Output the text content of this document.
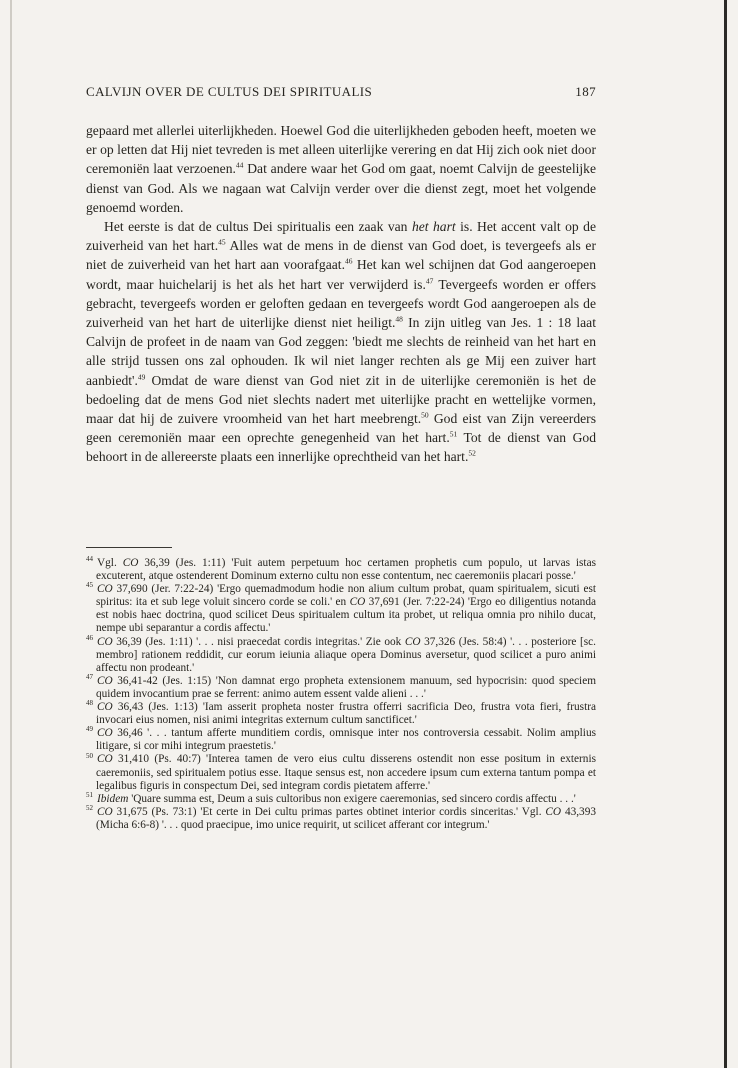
CALVIJN OVER DE CULTUS DEI SPIRITUALIS	187

gepaard met allerlei uiterlijkheden. Hoewel God die uiterlijkheden geboden heeft, moeten we er op letten dat Hij niet tevreden is met alleen uiterlijke verering en dat Hij zich ook niet door ceremoniën laat verzoenen.$^{44}$ Dat andere waar het God om gaat, noemt Calvijn de geestelijke dienst van God. Als we nagaan wat Calvijn verder over die dienst zegt, moet het volgende genoemd worden.

Het eerste is dat de cultus Dei spiritualis een zaak van het hart is. Het accent valt op de zuiverheid van het hart.$^{45}$ Alles wat de mens in de dienst van God doet, is tevergeefs als er niet de zuiverheid van het hart aan voorafgaat.$^{46}$ Het kan wel schijnen dat God aangeroepen wordt, maar huichelarij is het als het hart ver verwijderd is.$^{47}$ Tevergeefs worden er offers gebracht, tevergeefs worden er geloften gedaan en tevergeefs wordt God aangeroepen als de zuiverheid van het hart de uiterlijke dienst niet heiligt.$^{48}$ In zijn uitleg van Jes. 1 : 18 laat Calvijn de profeet in de naam van God zeggen: 'biedt me slechts de reinheid van het hart en alle strijd tussen ons zal ophouden. Ik wil niet langer rechten als ge Mij een zuiver hart aanbiedt'.$^{49}$ Omdat de ware dienst van God niet zit in de uiterlijke ceremoniën is het de bedoeling dat de mens God niet slechts nadert met uiterlijke pracht en wettelijke vormen, maar dat hij de zuivere vroomheid van het hart meebrengt.$^{50}$ God eist van Zijn vereerders geen ceremoniën maar een oprechte genegenheid van het hart.$^{51}$ Tot de dienst van God behoort in de allereerste plaats een innerlijke oprechtheid van het hart.$^{52}$

$^{44}$ Vgl. CO 36,39 (Jes. 1:11) 'Fuit autem perpetuum hoc certamen prophetis cum populo, ut larvas istas excuterent, atque ostenderent Dominum externo cultu non esse contentum, nec caeremoniis placari posse.'

$^{45}$ CO 37,690 (Jer. 7:22-24) 'Ergo quemadmodum hodie non alium cultum probat, quam spiritualem, sicuti est spiritus: ita et sub lege voluit sincero corde se coli.' en CO 37,691 (Jer. 7:22-24) 'Ergo eo diligentius notanda est nobis haec doctrina, quod scilicet Deus spiritualem cultum ita probet, ut reliqua omnia pro nihilo ducat, nempe ubi separantur a cordis affectu.'

$^{46}$ CO 36,39 (Jes. 1:11) '. . . nisi praecedat cordis integritas.' Zie ook CO 37,326 (Jes. 58:4) '. . . posteriore [sc. membro] rationem reddidit, cur eorum ieiunia aliaque opera Dominus aversetur, quod scilicet a puro animi affectu non prodeant.'

$^{47}$ CO 36,41-42 (Jes. 1:15) 'Non damnat ergo propheta extensionem manuum, sed hypocrisin: quod speciem quidem invocantium prae se ferrent: animo autem essent valde alieni . . .'

$^{48}$ CO 36,43 (Jes. 1:13) 'Iam asserit propheta noster frustra offerri sacrificia Deo, frustra vota fieri, frustra invocari eius nomen, nisi animi integritas externum cultum sanctificet.'

$^{49}$ CO 36,46 '. . . tantum afferte munditiem cordis, omnisque inter nos controversia cessabit. Nolim amplius litigare, si cor mihi integrum praestetis.'

$^{50}$ CO 31,410 (Ps. 40:7) 'Interea tamen de vero eius cultu disserens ostendit non esse positum in externis caeremoniis, sed spiritualem potius esse. Itaque sensus est, non accedere ipsum cum externa tantum pompa et legalibus figuris in conspectum Dei, sed integram cordis pietatem afferre.'

$^{51}$ Ibidem 'Quare summa est, Deum a suis cultoribus non exigere caeremonias, sed sincero cordis affectu . . .'

$^{52}$ CO 31,675 (Ps. 73:1) 'Et certe in Dei cultu primas partes obtinet interior cordis sinceritas.' Vgl. CO 43,393 (Micha 6:6-8) '. . . quod praecipue, imo unice requirit, ut scilicet afferant cor integrum.'
